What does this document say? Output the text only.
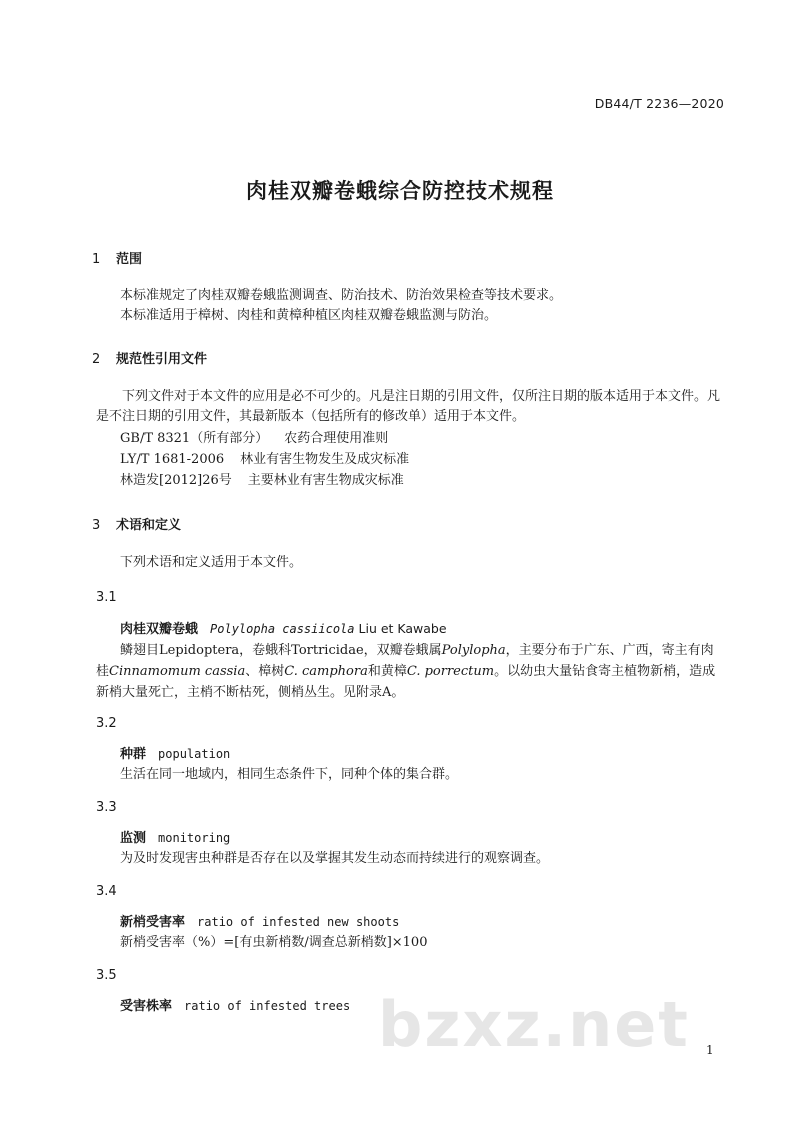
DB44/T 2236—2020
肉桂双瓣卷蛾综合防控技术规程
1 范围
本标准规定了肉桂双瓣卷蛾监测调查、防治技术、防治效果检查等技术要求。
本标准适用于樟树、肉桂和黄樟种植区肉桂双瓣卷蛾监测与防治。
2 规范性引用文件
下列文件对于本文件的应用是必不可少的。凡是注日期的引用文件，仅所注日期的版本适用于本文件。凡是不注日期的引用文件，其最新版本（包括所有的修改单）适用于本文件。
GB/T 8321（所有部分） 农药合理使用准则
LY/T 1681-2006 林业有害生物发生及成灾标准
林造发[2012]26号 主要林业有害生物成灾标准
3 术语和定义
下列术语和定义适用于本文件。
3.1
肉桂双瓣卷蛾 Polylopha cassiicola Liu et Kawabe
鳞翅目Lepidoptera，卷蛾科Tortricidae，双瓣卷蛾属Polylopha，主要分布于广东、广西，寄主有肉桂Cinnamomum cassia、樟树C. camphora和黄樟C. porrectum。以幼虫大量钻食寄主植物新梢，造成新梢大量死亡，主梢不断枯死，侧梢丛生。见附录A。
3.2
种群 population
生活在同一地域内，相同生态条件下，同种个体的集合群。
3.3
监测 monitoring
为及时发现害虫种群是否存在以及掌握其发生动态而持续进行的观察调查。
3.4
新梢受害率 ratio of infested new shoots
新梢受害率（%）=[有虫新梢数/调查总新梢数]×100
3.5
受害株率 ratio of infested trees bzxz.net 1
